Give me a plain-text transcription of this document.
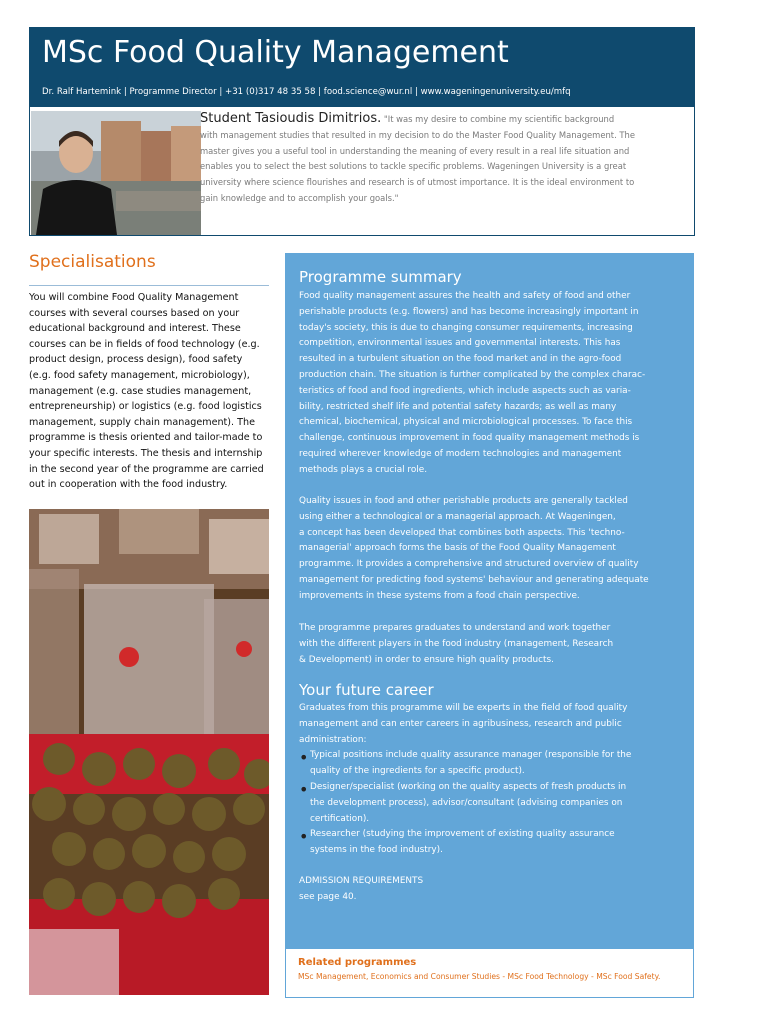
MSc Food Quality Management
Dr. Ralf Hartemink | Programme Director | +31 (0)317 48 35 58 | food.science@wur.nl | www.wageningenuniversity.eu/mfq
Student Tasioudis Dimitrios. "It was my desire to combine my scientific background
with management studies that resulted in my decision to do the Master Food Quality Management. The
master gives you a useful tool in understanding the meaning of every result in a real life situation and
enables you to select the best solutions to tackle specific problems. Wageningen University is a great
university where science flourishes and research is of utmost importance. It is the ideal environment to
gain knowledge and to accomplish your goals."
Specialisations
You will combine Food Quality Management
courses with several courses based on your
educational background and interest. These
courses can be in fields of food technology (e.g.
product design, process design), food safety
(e.g. food safety management, microbiology),
management (e.g. case studies management,
entrepreneurship) or logistics (e.g. food logistics
management, supply chain management). The
programme is thesis oriented and tailor-made to
your specific interests. The thesis and internship
in the second year of the programme are carried
out in cooperation with the food industry.
Programme summary
Food quality management assures the health and safety of food and other
perishable products (e.g. flowers) and has become increasingly important in
today's society, this is due to changing consumer requirements, increasing
competition, environmental issues and governmental interests. This has
resulted in a turbulent situation on the food market and in the agro-food
production chain. The situation is further complicated by the complex charac-
teristics of food and food ingredients, which include aspects such as varia-
bility, restricted shelf life and potential safety hazards; as well as many
chemical, biochemical, physical and microbiological processes. To face this
challenge, continuous improvement in food quality management methods is
required wherever knowledge of modern technologies and management
methods plays a crucial role.
Quality issues in food and other perishable products are generally tackled
using either a technological or a managerial approach. At Wageningen,
a concept has been developed that combines both aspects. This 'techno-
managerial' approach forms the basis of the Food Quality Management
programme. It provides a comprehensive and structured overview of quality
management for predicting food systems' behaviour and generating adequate
improvements in these systems from a food chain perspective.
The programme prepares graduates to understand and work together
with the different players in the food industry (management, Research
& Development) in order to ensure high quality products.
Your future career
Graduates from this programme will be experts in the field of food quality
management and can enter careers in agribusiness, research and public
administration:
• Typical positions include quality assurance manager (responsible for the
quality of the ingredients for a specific product).
• Designer/specialist (working on the quality aspects of fresh products in
the development process), advisor/consultant (advising companies on
certification).
• Researcher (studying the improvement of existing quality assurance
systems in the food industry).
ADMISSION REQUIREMENTS
see page 40.
Related programmes
MSc Management, Economics and Consumer Studies - MSc Food Technology - MSc Food Safety.
